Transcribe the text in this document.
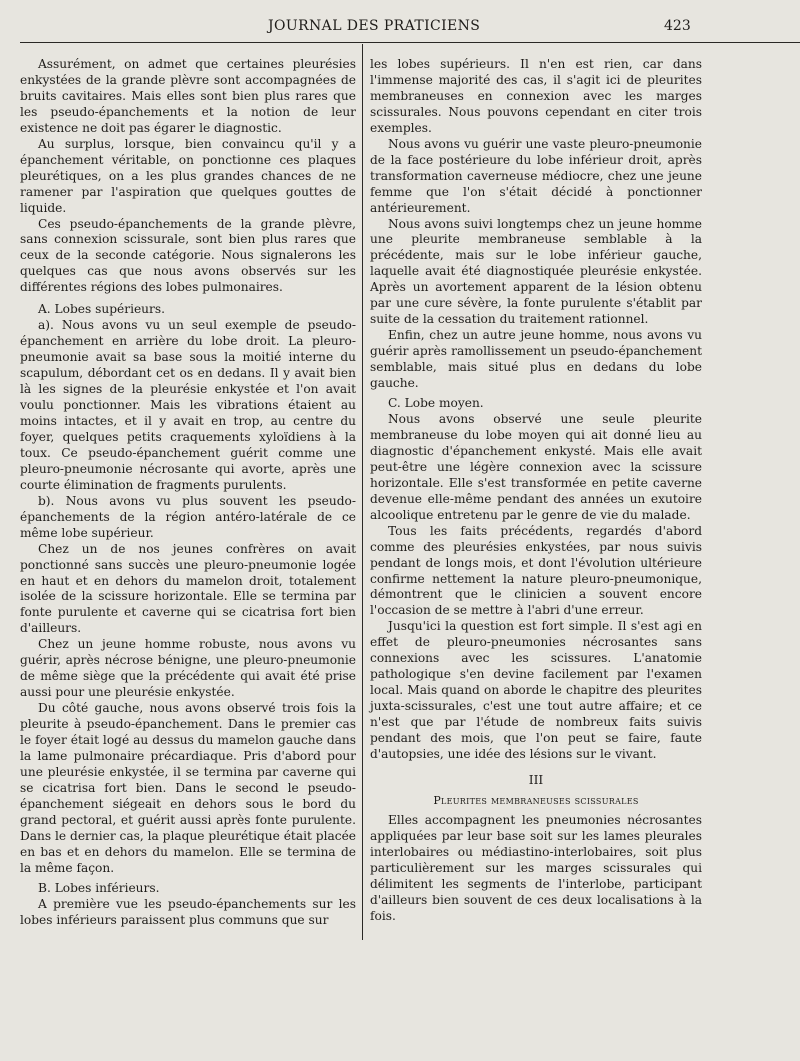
JOURNAL DES PRATICIENS	423

Assurément, on admet que certaines pleurésies enkystées de la grande plèvre sont accompagnées de bruits cavitaires. Mais elles sont bien plus rares que les pseudo-épanchements et la notion de leur existence ne doit pas égarer le diagnostic.

Au surplus, lorsque, bien convaincu qu'il y a épanchement véritable, on ponctionne ces plaques pleurétiques, on a les plus grandes chances de ne ramener par l'aspiration que quelques gouttes de liquide.

Ces pseudo-épanchements de la grande plèvre, sans connexion scissurale, sont bien plus rares que ceux de la seconde catégorie. Nous signalerons les quelques cas que nous avons observés sur les différentes régions des lobes pulmonaires.

A. Lobes supérieurs.

a). Nous avons vu un seul exemple de pseudo-épanchement en arrière du lobe droit. La pleuro-pneumonie avait sa base sous la moitié interne du scapulum, débordant cet os en dedans. Il y avait bien là les signes de la pleurésie enkystée et l'on avait voulu ponctionner. Mais les vibrations étaient au moins intactes, et il y avait en trop, au centre du foyer, quelques petits craquements xyloïdiens à la toux. Ce pseudo-épanchement guérit comme une pleuro-pneumonie nécrosante qui avorte, après une courte élimination de fragments purulents.

b). Nous avons vu plus souvent les pseudo-épanchements de la région antéro-latérale de ce même lobe supérieur.

Chez un de nos jeunes confrères on avait ponctionné sans succès une pleuro-pneumonie logée en haut et en dehors du mamelon droit, totalement isolée de la scissure horizontale. Elle se termina par fonte purulente et caverne qui se cicatrisa fort bien d'ailleurs.

Chez un jeune homme robuste, nous avons vu guérir, après nécrose bénigne, une pleuro-pneumonie de même siège que la précédente qui avait été prise aussi pour une pleurésie enkystée.

Du côté gauche, nous avons observé trois fois la pleurite à pseudo-épanchement. Dans le premier cas le foyer était logé au dessus du mamelon gauche dans la lame pulmonaire précardiaque. Pris d'abord pour une pleurésie enkystée, il se termina par caverne qui se cicatrisa fort bien. Dans le second le pseudo-épanchement siégeait en dehors sous le bord du grand pectoral, et guérit aussi après fonte purulente. Dans le dernier cas, la plaque pleurétique était placée en bas et en dehors du mamelon. Elle se termina de la même façon.

B. Lobes inférieurs.

A première vue les pseudo-épanchements sur les lobes inférieurs paraissent plus communs que sur

les lobes supérieurs. Il n'en est rien, car dans l'immense majorité des cas, il s'agit ici de pleurites membraneuses en connexion avec les marges scissurales. Nous pouvons cependant en citer trois exemples.

Nous avons vu guérir une vaste pleuro-pneumonie de la face postérieure du lobe inférieur droit, après transformation caverneuse médiocre, chez une jeune femme que l'on s'était décidé à ponctionner antérieurement.

Nous avons suivi longtemps chez un jeune homme une pleurite membraneuse semblable à la précédente, mais sur le lobe inférieur gauche, laquelle avait été diagnostiquée pleurésie enkystée. Après un avortement apparent de la lésion obtenu par une cure sévère, la fonte purulente s'établit par suite de la cessation du traitement rationnel.

Enfin, chez un autre jeune homme, nous avons vu guérir après ramollissement un pseudo-épanchement semblable, mais situé plus en dedans du lobe gauche.

C. Lobe moyen.

Nous avons observé une seule pleurite membraneuse du lobe moyen qui ait donné lieu au diagnostic d'épanchement enkysté. Mais elle avait peut-être une légère connexion avec la scissure horizontale. Elle s'est transformée en petite caverne devenue elle-même pendant des années un exutoire alcoolique entretenu par le genre de vie du malade.

Tous les faits précédents, regardés d'abord comme des pleurésies enkystées, par nous suivis pendant de longs mois, et dont l'évolution ultérieure confirme nettement la nature pleuro-pneumonique, démontrent que le clinicien a souvent encore l'occasion de se mettre à l'abri d'une erreur.

Jusqu'ici la question est fort simple. Il s'est agi en effet de pleuro-pneumonies nécrosantes sans connexions avec les scissures. L'anatomie pathologique s'en devine facilement par l'examen local. Mais quand on aborde le chapitre des pleurites juxta-scissurales, c'est une tout autre affaire; et ce n'est que par l'étude de nombreux faits suivis pendant des mois, que l'on peut se faire, faute d'autopsies, une idée des lésions sur le vivant.

III

Pleurites membraneuses scissurales

Elles accompagnent les pneumonies nécrosantes appliquées par leur base soit sur les lames pleurales interlobaires ou médiastino-interlobaires, soit plus particulièrement sur les marges scissurales qui délimitent les segments de l'interlobe, participant d'ailleurs bien souvent de ces deux localisations à la fois.
